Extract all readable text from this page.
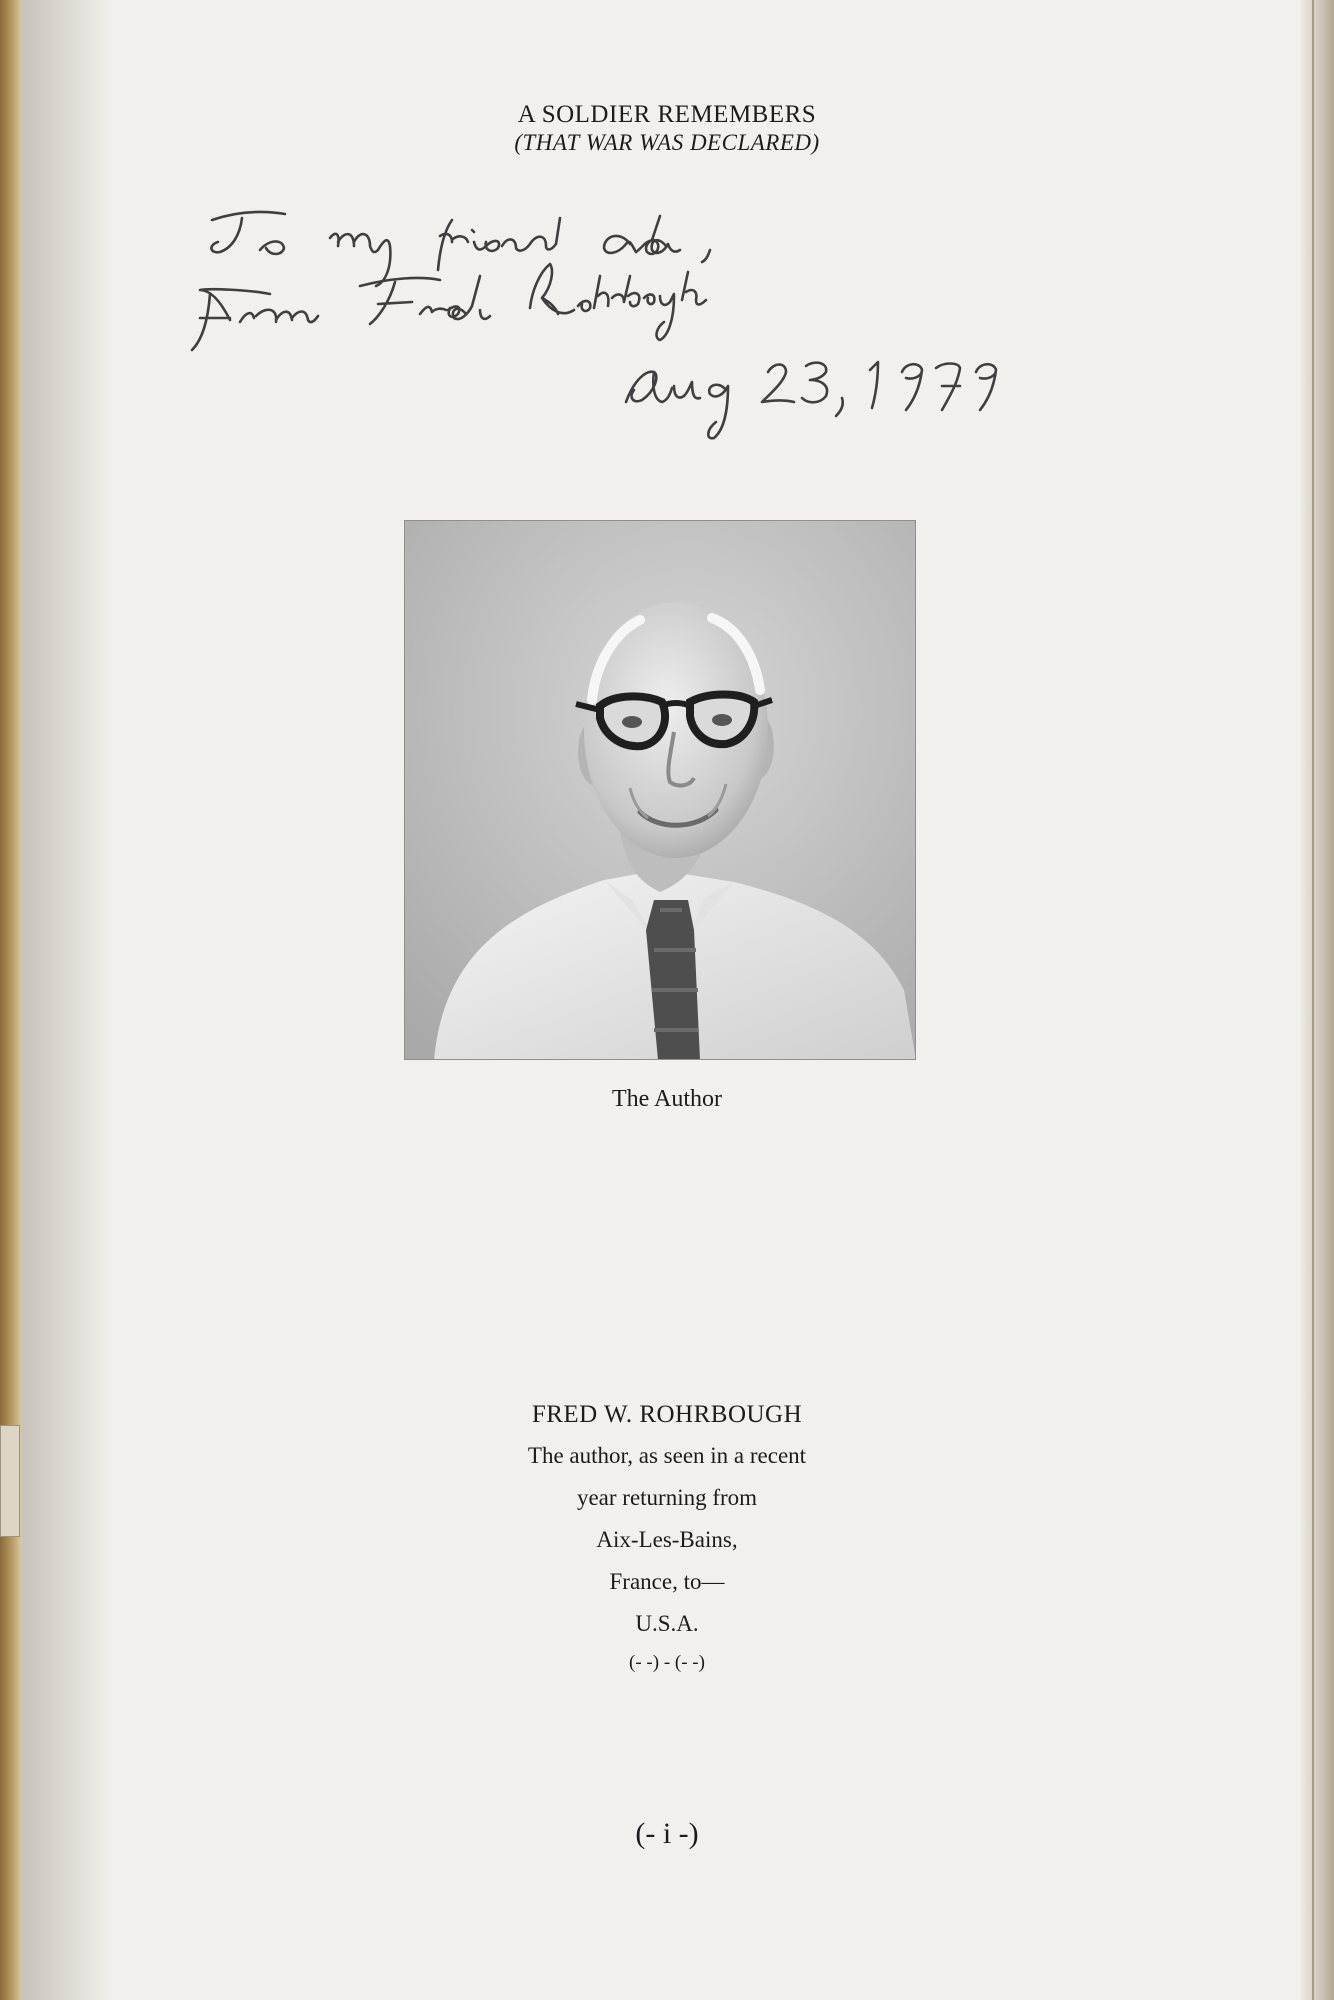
A SOLDIER REMEMBERS
(THAT WAR WAS DECLARED)
The Author
FRED W. ROHRBOUGH
The author, as seen in a recent
year returning from
Aix-Les-Bains,
France, to—
U.S.A.
(- -) - (- -)
(- i -)
